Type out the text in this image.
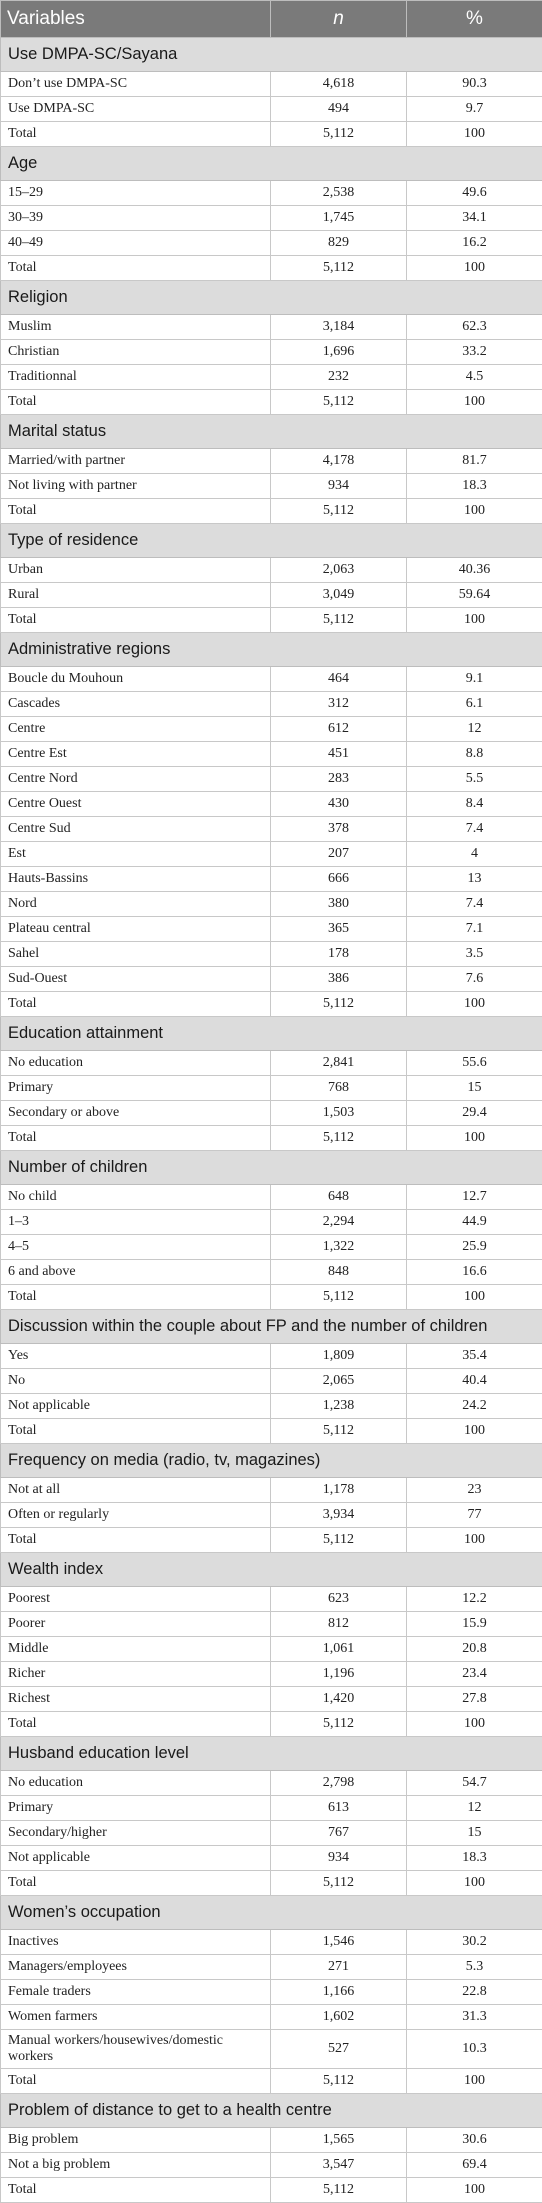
Variables	n	%
Use DMPA-SC/Sayana		
Don’t use DMPA-SC	4,618	90.3
Use DMPA-SC	494	9.7
Total	5,112	100
Age		
15–29	2,538	49.6
30–39	1,745	34.1
40–49	829	16.2
Total	5,112	100
Religion		
Muslim	3,184	62.3
Christian	1,696	33.2
Traditionnal	232	4.5
Total	5,112	100
Marital status		
Married/with partner	4,178	81.7
Not living with partner	934	18.3
Total	5,112	100
Type of residence		
Urban	2,063	40.36
Rural	3,049	59.64
Total	5,112	100
Administrative regions		
Boucle du Mouhoun	464	9.1
Cascades	312	6.1
Centre	612	12
Centre Est	451	8.8
Centre Nord	283	5.5
Centre Ouest	430	8.4
Centre Sud	378	7.4
Est	207	4
Hauts-Bassins	666	13
Nord	380	7.4
Plateau central	365	7.1
Sahel	178	3.5
Sud-Ouest	386	7.6
Total	5,112	100
Education attainment		
No education	2,841	55.6
Primary	768	15
Secondary or above	1,503	29.4
Total	5,112	100
Number of children		
No child	648	12.7
1–3	2,294	44.9
4–5	1,322	25.9
6 and above	848	16.6
Total	5,112	100
Discussion within the couple about FP and the number of children		
Yes	1,809	35.4
No	2,065	40.4
Not applicable	1,238	24.2
Total	5,112	100
Frequency on media (radio, tv, magazines)		
Not at all	1,178	23
Often or regularly	3,934	77
Total	5,112	100
Wealth index		
Poorest	623	12.2
Poorer	812	15.9
Middle	1,061	20.8
Richer	1,196	23.4
Richest	1,420	27.8
Total	5,112	100
Husband education level		
No education	2,798	54.7
Primary	613	12
Secondary/higher	767	15
Not applicable	934	18.3
Total	5,112	100
Women’s occupation		
Inactives	1,546	30.2
Managers/employees	271	5.3
Female traders	1,166	22.8
Women farmers	1,602	31.3
Manual workers/housewives/domestic workers	527	10.3
Total	5,112	100
Problem of distance to get to a health centre		
Big problem	1,565	30.6
Not a big problem	3,547	69.4
Total	5,112	100
